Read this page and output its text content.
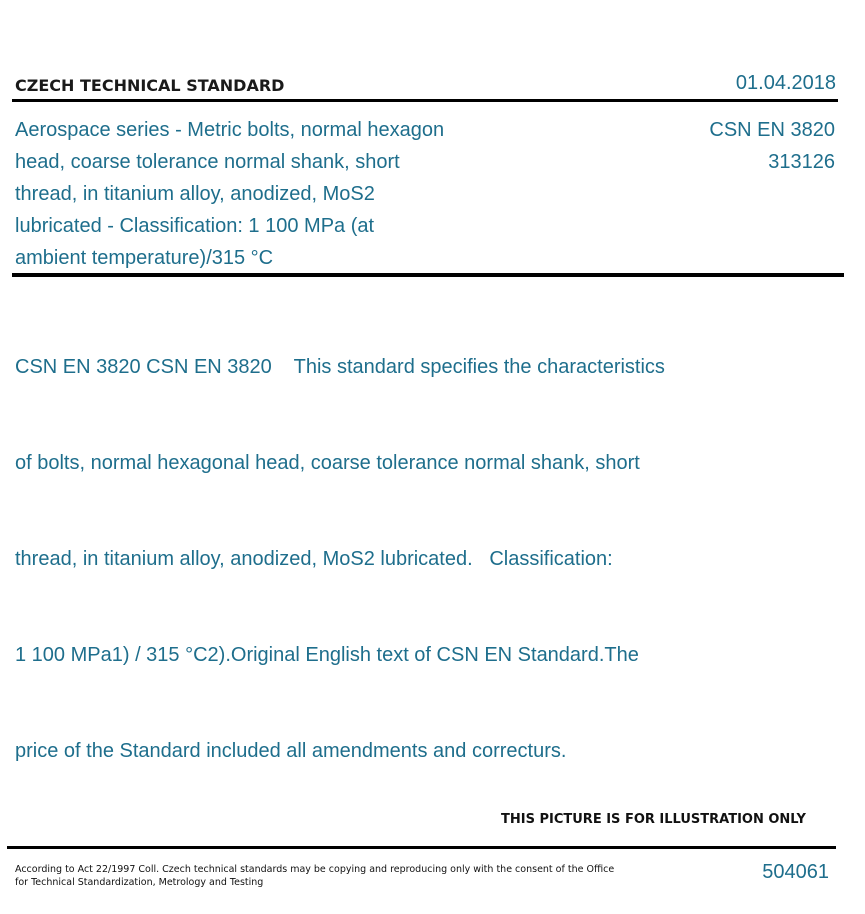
CZECH TECHNICAL STANDARD	01.04.2018
Aerospace series - Metric bolts, normal hexagon
head, coarse tolerance normal shank, short
thread, in titanium alloy, anodized, MoS2
lubricated - Classification: 1 100 MPa (at
ambient temperature)/315 °C
CSN EN 3820
313126

CSN EN 3820 CSN EN 3820    This standard specifies the characteristics

of bolts, normal hexagonal head, coarse tolerance normal shank, short

thread, in titanium alloy, anodized, MoS2 lubricated.   Classification:

1 100 MPa1) / 315 °C2).Original English text of CSN EN Standard.The

price of the Standard included all amendments and correcturs.

THIS PICTURE IS FOR ILLUSTRATION ONLY
According to Act 22/1997 Coll. Czech technical standards may be copying and reproducing only with the consent of the Office
for Technical Standardization, Metrology and Testing	504061
